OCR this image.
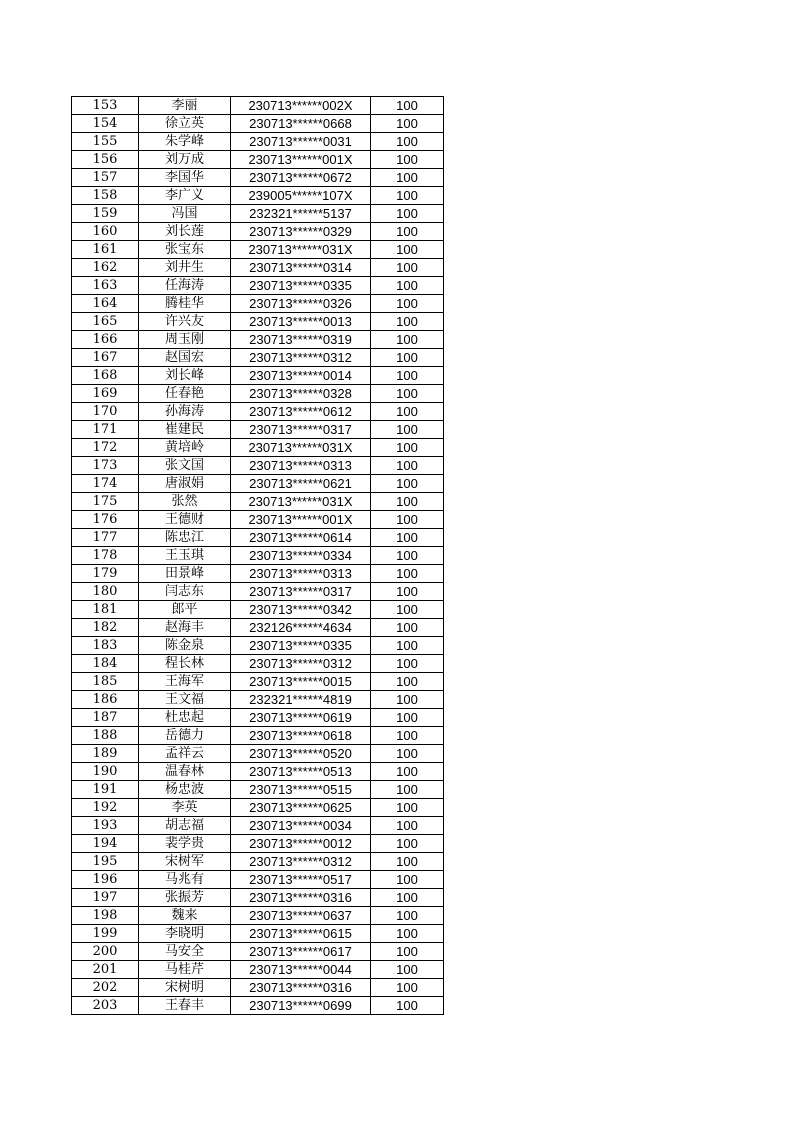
153	李丽	230713******002X	100
154	徐立英	230713******0668	100
155	朱学峰	230713******0031	100
156	刘万成	230713******001X	100
157	李国华	230713******0672	100
158	李广义	239005******107X	100
159	冯国	232321******5137	100
160	刘长莲	230713******0329	100
161	张宝东	230713******031X	100
162	刘井生	230713******0314	100
163	任海涛	230713******0335	100
164	腾桂华	230713******0326	100
165	许兴友	230713******0013	100
166	周玉刚	230713******0319	100
167	赵国宏	230713******0312	100
168	刘长峰	230713******0014	100
169	任春艳	230713******0328	100
170	孙海涛	230713******0612	100
171	崔建民	230713******0317	100
172	黄培岭	230713******031X	100
173	张文国	230713******0313	100
174	唐淑娟	230713******0621	100
175	张然	230713******031X	100
176	王德财	230713******001X	100
177	陈忠江	230713******0614	100
178	王玉琪	230713******0334	100
179	田景峰	230713******0313	100
180	闫志东	230713******0317	100
181	郎平	230713******0342	100
182	赵海丰	232126******4634	100
183	陈金泉	230713******0335	100
184	程长林	230713******0312	100
185	王海军	230713******0015	100
186	王文福	232321******4819	100
187	杜忠起	230713******0619	100
188	岳德力	230713******0618	100
189	孟祥云	230713******0520	100
190	温春林	230713******0513	100
191	杨忠波	230713******0515	100
192	李英	230713******0625	100
193	胡志福	230713******0034	100
194	裴学贵	230713******0012	100
195	宋树军	230713******0312	100
196	马兆有	230713******0517	100
197	张振芳	230713******0316	100
198	魏来	230713******0637	100
199	李晓明	230713******0615	100
200	马安全	230713******0617	100
201	马桂芹	230713******0044	100
202	宋树明	230713******0316	100
203	王春丰	230713******0699	100
